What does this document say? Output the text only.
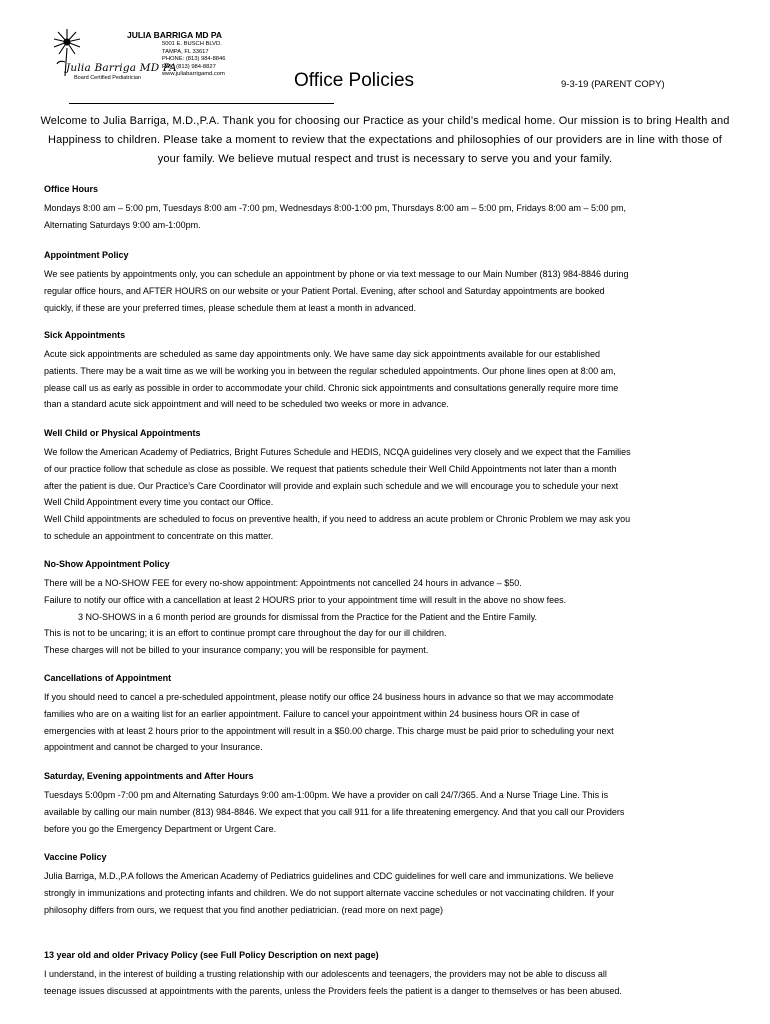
Julia Barriga MD PA
Board Certified Pediatrician
JULIA BARRIGA MD PA
5001 E. BUSCH BLVD.
TAMPA, FL 33617
PHONE: (813) 984-8846
FAX: (813) 984-8827
www.juliabarrigamd.com	Office Policies	9-3-19 (PARENT COPY)
Welcome to Julia Barriga, M.D.,P.A. Thank you for choosing our Practice as your child’s medical home. Our mission is to bring Health and Happiness to children. Please take a moment to review that the expectations and philosophies of our providers are in line with those of your family. We believe mutual respect and trust is necessary to serve you and your family.
Office Hours

Mondays 8:00 am – 5:00 pm, Tuesdays 8:00 am -7:00 pm, Wednesdays 8:00-1:00 pm, Thursdays 8:00 am – 5:00 pm, Fridays 8:00 am – 5:00 pm,

Alternating Saturdays 9:00 am-1:00pm.

Appointment Policy

We see patients by appointments only, you can schedule an appointment by phone or via text message to our Main Number (813) 984-8846 during

regular office hours, and AFTER HOURS on our website or your Patient Portal. Evening, after school and Saturday appointments are booked

quickly, if these are your preferred times, please schedule them at least a month in advanced.

Sick Appointments

Acute sick appointments are scheduled as same day appointments only. We have same day sick appointments available for our established

patients. There may be a wait time as we will be working you in between the regular scheduled appointments. Our phone lines open at 8:00 am,

please call us as early as possible in order to accommodate your child. Chronic sick appointments and consultations generally require more time

than a standard acute sick appointment and will need to be scheduled two weeks or more in advance.

Well Child or Physical Appointments

We follow the American Academy of Pediatrics, Bright Futures Schedule and HEDIS, NCQA guidelines very closely and we expect that the Families

of our practice follow that schedule as close as possible. We request that patients schedule their Well Child Appointments not later than a month

after the patient is due. Our Practice’s Care Coordinator will provide and explain such schedule and we will encourage you to schedule your next

Well Child Appointment every time you contact our Office.

Well Child appointments are scheduled to focus on preventive health, if you need to address an acute problem or Chronic Problem we may ask you

to schedule an appointment to concentrate on this matter.

No-Show Appointment Policy

There will be a NO-SHOW FEE for every no-show appointment: Appointments not cancelled 24 hours in advance – $50.

Failure to notify our office with a cancellation at least 2 HOURS prior to your appointment time will result in the above no show fees.

3 NO-SHOWS in a 6 month period are grounds for dismissal from the Practice for the Patient and the Entire Family.

This is not to be uncaring; it is an effort to continue prompt care throughout the day for our ill children.

These charges will not be billed to your insurance company; you will be responsible for payment.

Cancellations of Appointment

If you should need to cancel a pre-scheduled appointment, please notify our office 24 business hours in advance so that we may accommodate

families who are on a waiting list for an earlier appointment. Failure to cancel your appointment within 24 business hours OR in case of

emergencies with at least 2 hours prior to the appointment will result in a $50.00 charge. This charge must be paid prior to scheduling your next

appointment and cannot be charged to your Insurance.

Saturday, Evening appointments and After Hours

Tuesdays 5:00pm -7:00 pm and Alternating Saturdays 9:00 am-1:00pm. We have a provider on call 24/7/365. And a Nurse Triage Line. This is

available by calling our main number (813) 984-8846. We expect that you call 911 for a life threatening emergency. And that you call our Providers

before you go the Emergency Department or Urgent Care.

Vaccine Policy

Julia Barriga, M.D.,P.A follows the American Academy of Pediatrics guidelines and CDC guidelines for well care and immunizations. We believe

strongly in immunizations and protecting infants and children. We do not support alternate vaccine schedules or not vaccinating children. If your

philosophy differs from ours, we request that you find another pediatrician. (read more on next page)

13 year old and older Privacy Policy (see Full Policy Description on next page)

I understand, in the interest of building a trusting relationship with our adolescents and teenagers, the providers may not be able to discuss all

teenage issues discussed at appointments with the parents, unless the Providers feels the patient is a danger to themselves or has been abused.
